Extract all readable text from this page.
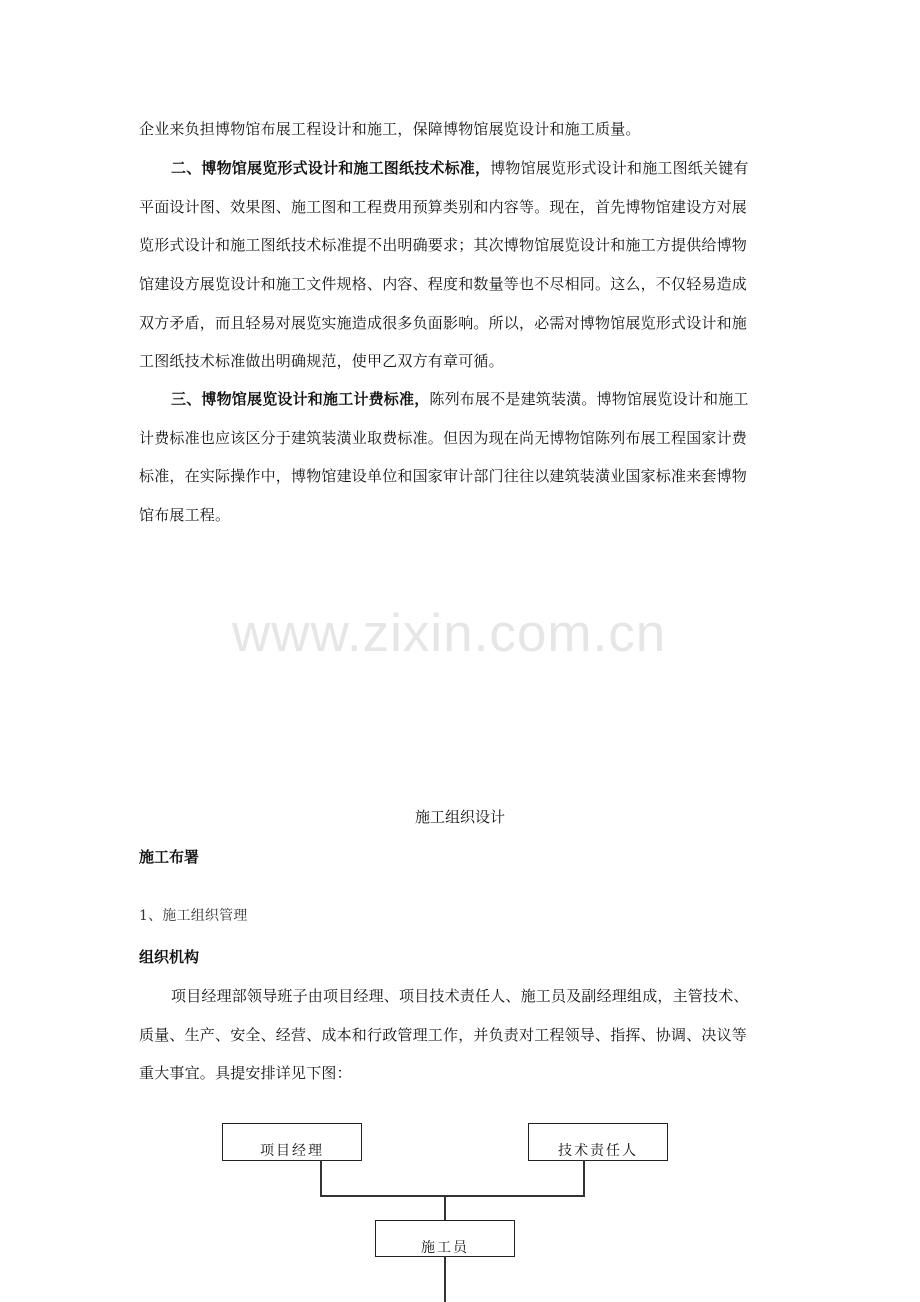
企业来负担博物馆布展工程设计和施工，保障博物馆展览设计和施工质量。
二、博物馆展览形式设计和施工图纸技术标准，博物馆展览形式设计和施工图纸关键有
平面设计图、效果图、施工图和工程费用预算类别和内容等。现在，首先博物馆建设方对展
览形式设计和施工图纸技术标准提不出明确要求；其次博物馆展览设计和施工方提供给博物
馆建设方展览设计和施工文件规格、内容、程度和数量等也不尽相同。这么，不仅轻易造成
双方矛盾，而且轻易对展览实施造成很多负面影响。所以，必需对博物馆展览形式设计和施
工图纸技术标准做出明确规范，使甲乙双方有章可循。
三、博物馆展览设计和施工计费标准，陈列布展不是建筑装潢。博物馆展览设计和施工
计费标准也应该区分于建筑装潢业取费标准。但因为现在尚无博物馆陈列布展工程国家计费
标准，在实际操作中，博物馆建设单位和国家审计部门往往以建筑装潢业国家标准来套博物
馆布展工程。
www.zixin.com.cn
施工组织设计
施工布署
1、施工组织管理
组织机构
项目经理部领导班子由项目经理、项目技术责任人、施工员及副经理组成，主管技术、
质量、生产、安全、经营、成本和行政管理工作，并负责对工程领导、指挥、协调、决议等
重大事宜。具提安排详见下图：
项目经理	技术责任人
施工员
